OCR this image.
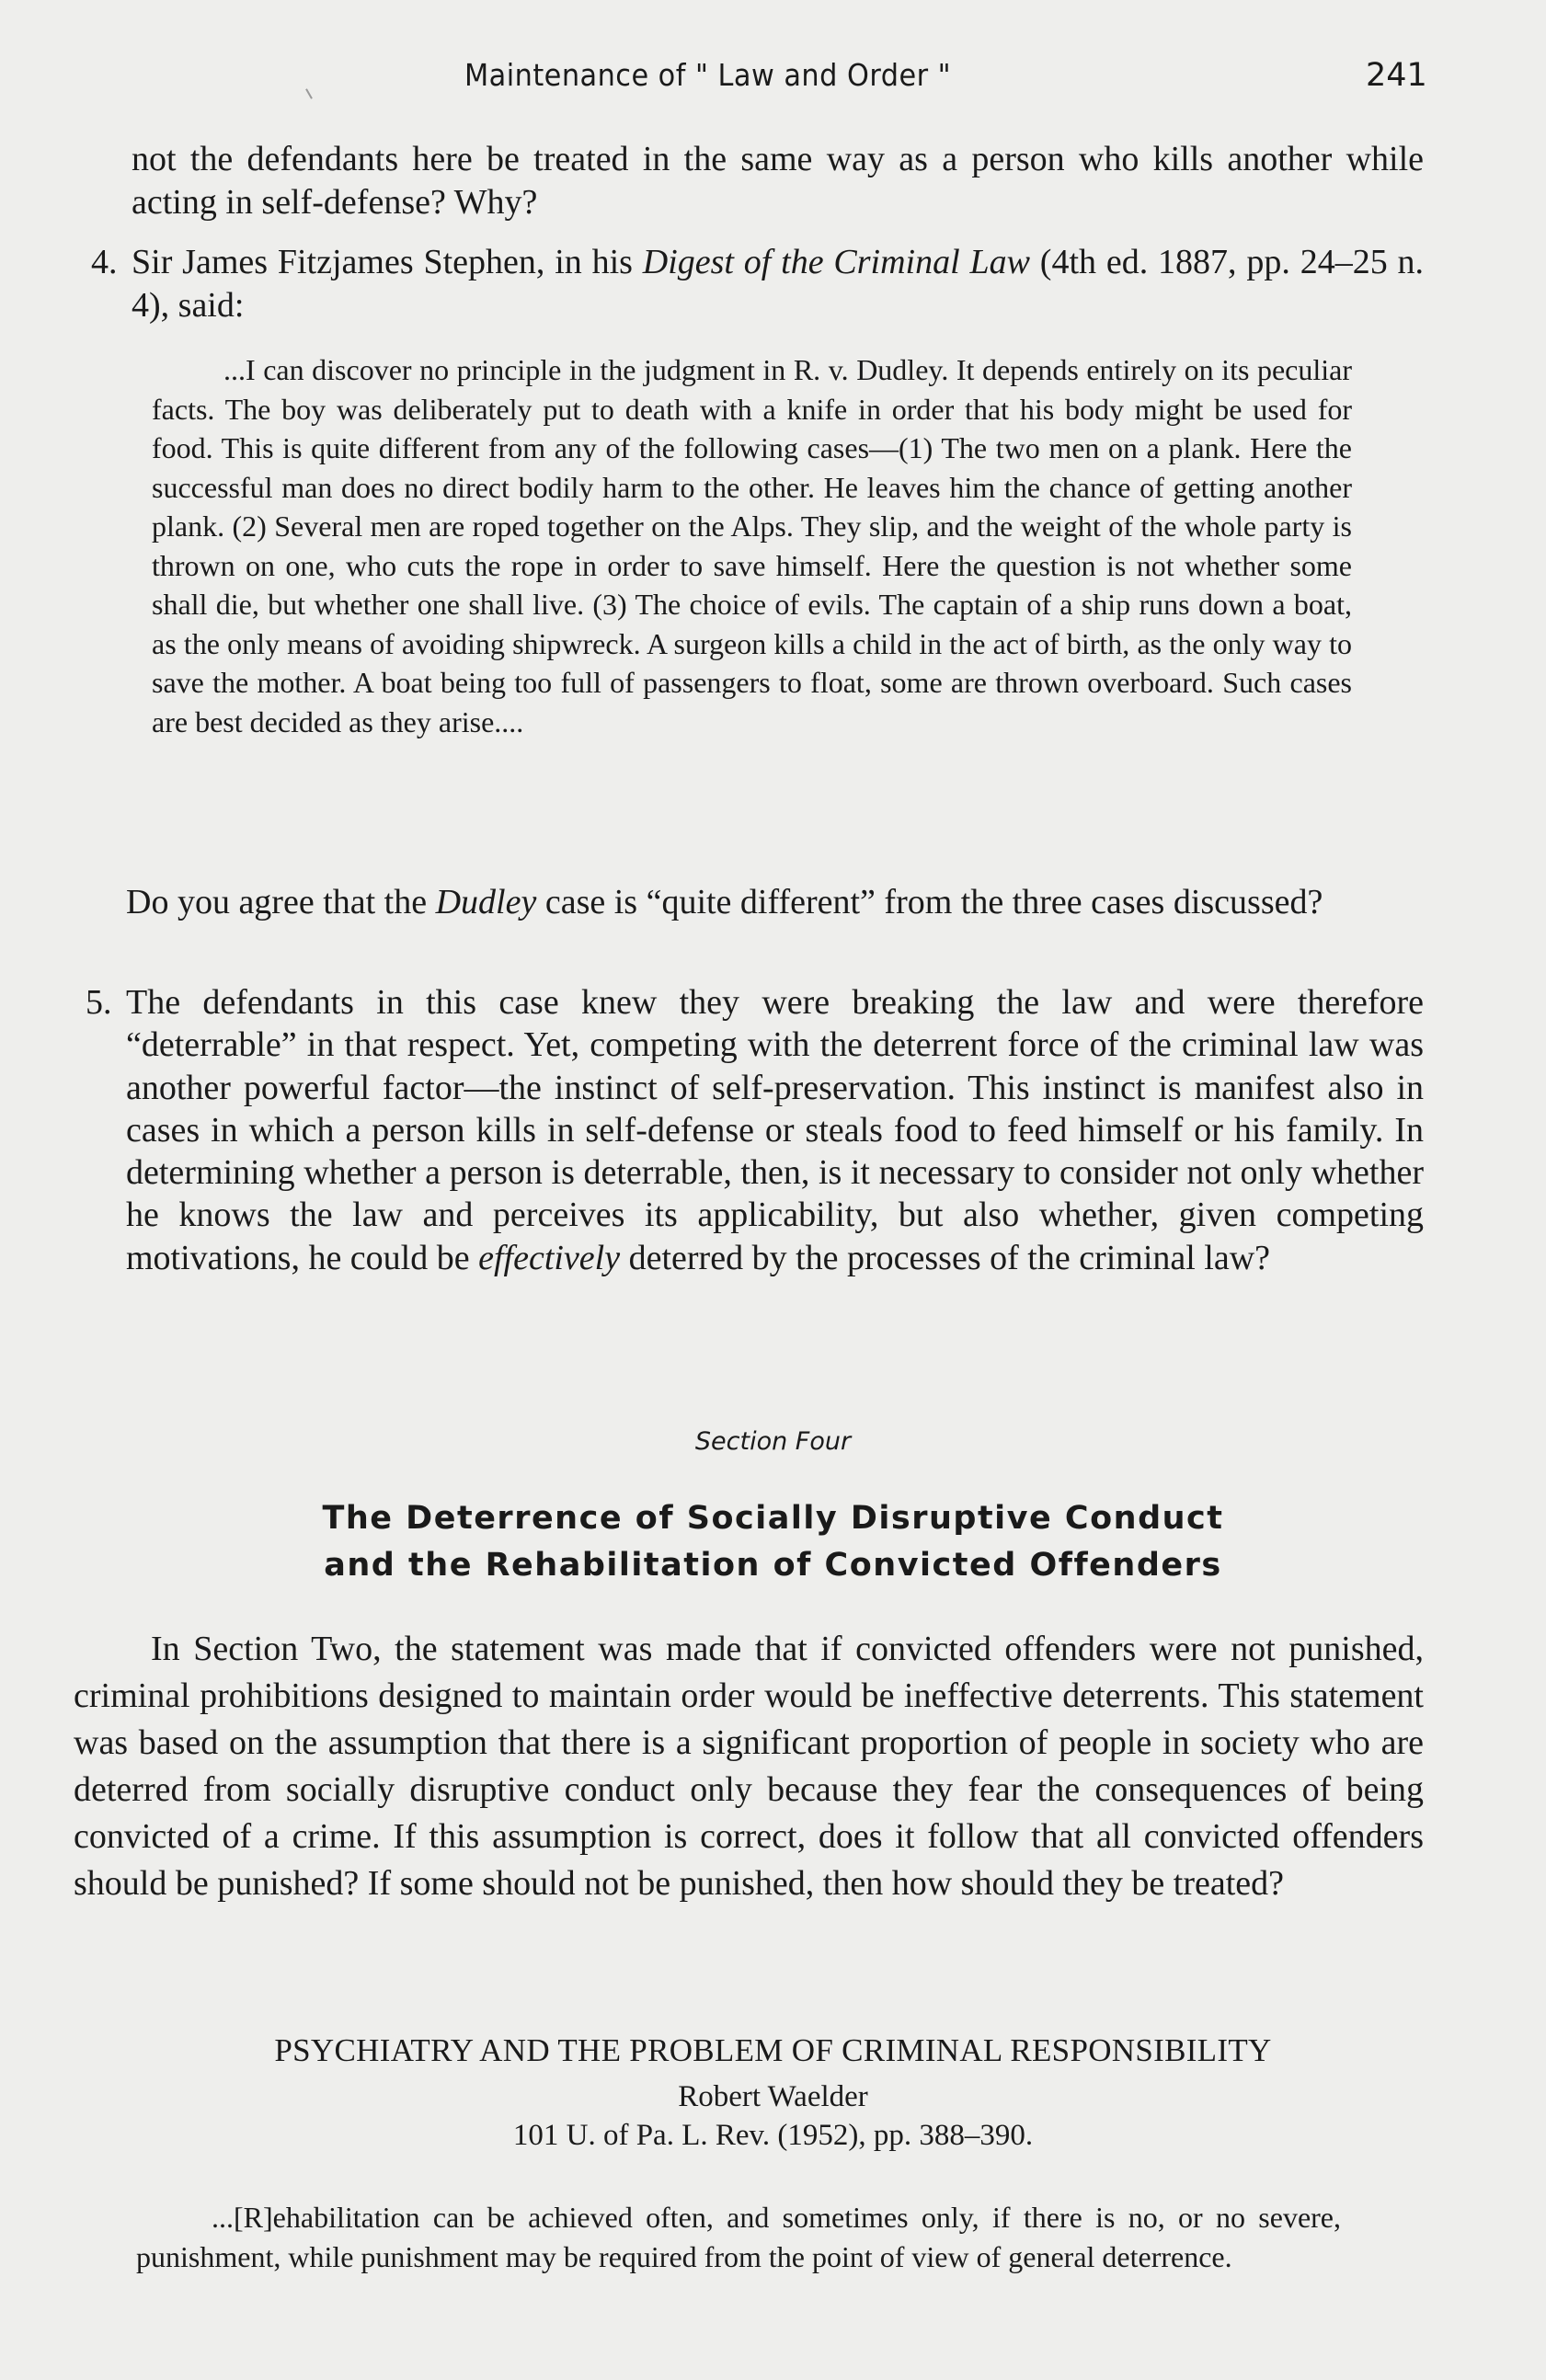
Maintenance of " Law and Order "	241

not the defendants here be treated in the same way as a person who kills another while acting in self-defense? Why?

4. Sir James Fitzjames Stephen, in his Digest of the Criminal Law (4th ed. 1887, pp. 24–25 n. 4), said:

...I can discover no principle in the judgment in R. v. Dudley. It depends entirely on its peculiar facts. The boy was deliberately put to death with a knife in order that his body might be used for food. This is quite different from any of the following cases—(1) The two men on a plank. Here the successful man does no direct bodily harm to the other. He leaves him the chance of getting another plank. (2) Several men are roped together on the Alps. They slip, and the weight of the whole party is thrown on one, who cuts the rope in order to save himself. Here the question is not whether some shall die, but whether one shall live. (3) The choice of evils. The captain of a ship runs down a boat, as the only means of avoiding shipwreck. A surgeon kills a child in the act of birth, as the only way to save the mother. A boat being too full of passengers to float, some are thrown overboard. Such cases are best decided as they arise....

Do you agree that the Dudley case is “quite different” from the three cases discussed?

5. The defendants in this case knew they were breaking the law and were therefore “deterrable” in that respect. Yet, competing with the deterrent force of the criminal law was another powerful factor—the instinct of self-preservation. This instinct is manifest also in cases in which a person kills in self-defense or steals food to feed himself or his family. In determining whether a person is deterrable, then, is it necessary to consider not only whether he knows the law and perceives its applicability, but also whether, given competing motivations, he could be effectively deterred by the processes of the criminal law?

Section Four
The Deterrence of Socially Disruptive Conduct
and the Rehabilitation of Convicted Offenders

In Section Two, the statement was made that if convicted offenders were not punished, criminal prohibitions designed to maintain order would be ineffective deterrents. This statement was based on the assumption that there is a significant proportion of people in society who are deterred from socially disruptive conduct only because they fear the consequences of being convicted of a crime. If this assumption is correct, does it follow that all convicted offenders should be punished? If some should not be punished, then how should they be treated?

PSYCHIATRY AND THE PROBLEM OF CRIMINAL RESPONSIBILITY
Robert Waelder
101 U. of Pa. L. Rev. (1952), pp. 388–390.

...[R]ehabilitation can be achieved often, and sometimes only, if there is no, or no severe, punishment, while punishment may be required from the point of view of general deterrence.
